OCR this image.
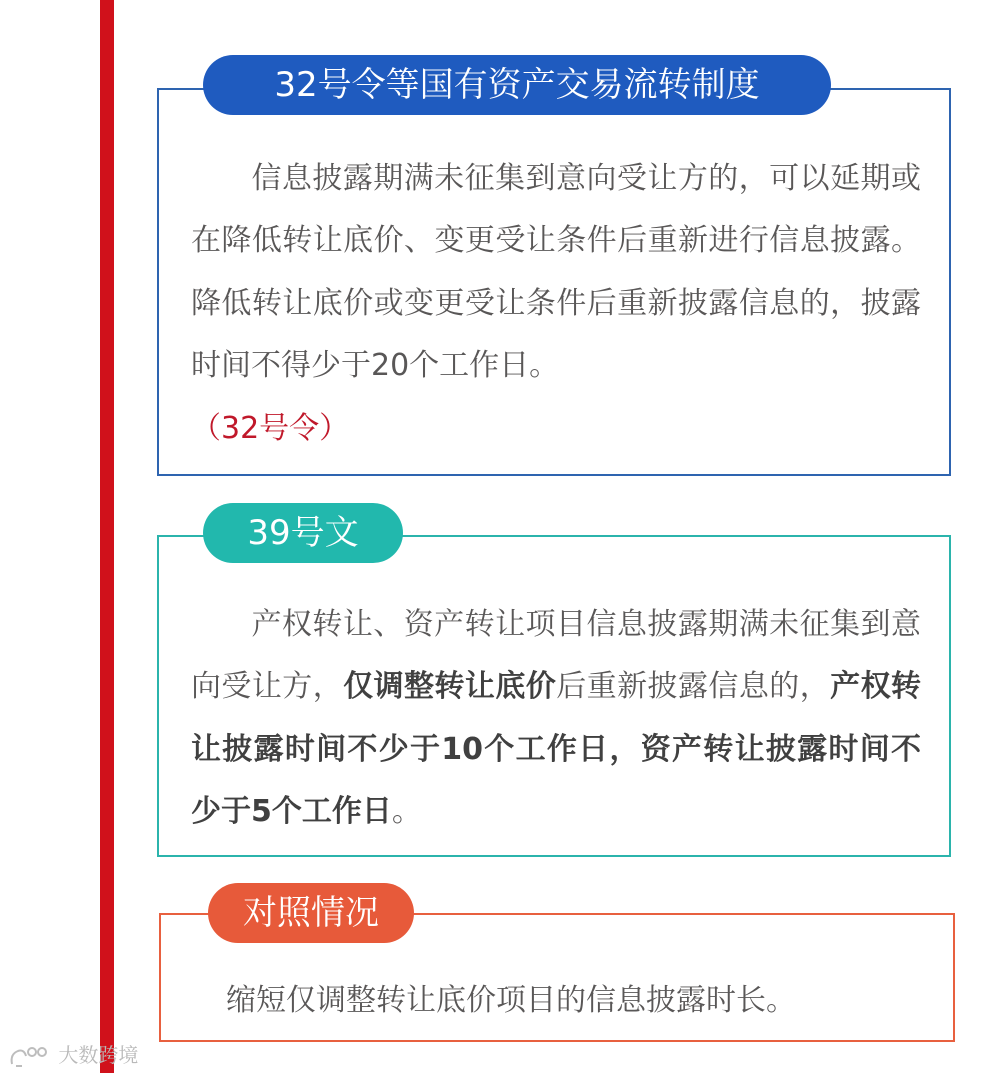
32号令等国有资产交易流转制度
信息披露期满未征集到意向受让方的，可以延期或在降低转让底价、变更受让条件后重新进行信息披露。降低转让底价或变更受让条件后重新披露信息的，披露时间不得少于20个工作日。
（32号令）
39号文
产权转让、资产转让项目信息披露期满未征集到意向受让方，仅调整转让底价后重新披露信息的，产权转让披露时间不少于10个工作日，资产转让披露时间不少于5个工作日。
对照情况
缩短仅调整转让底价项目的信息披露时长。
大数跨境
